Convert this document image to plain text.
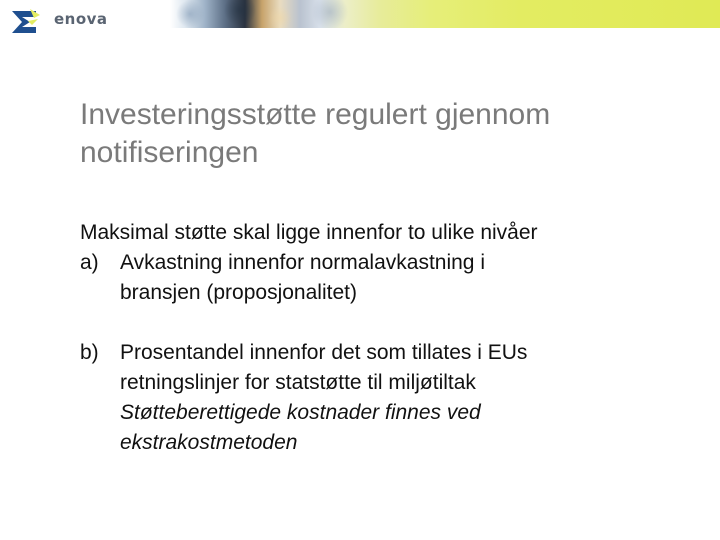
enova
Investeringsstøtte regulert gjennom
notifiseringen

Maksimal støtte skal ligge innenfor to ulike nivåer

a) Avkastning innenfor normalavkastning i
bransjen (proposjonalitet)
b) Prosentandel innenfor det som tillates i EUs
retningslinjer for statstøtte til miljøtiltak
Støtteberettigede kostnader finnes ved
ekstrakostmetoden
